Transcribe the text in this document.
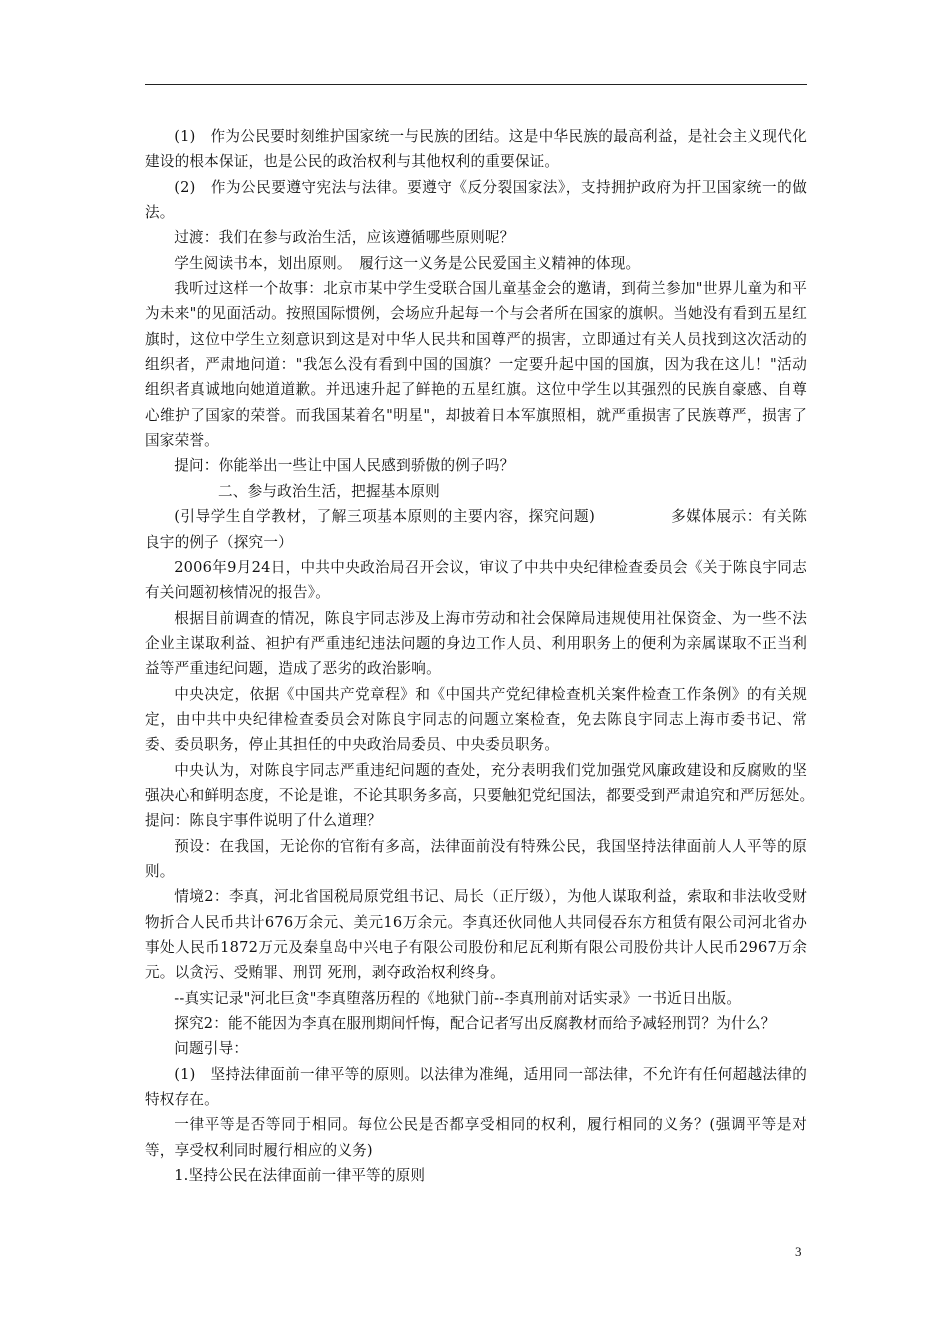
(1)　作为公民要时刻维护国家统一与民族的团结。这是中华民族的最高利益，是社会主义现代化建设的根本保证，也是公民的政治权利与其他权利的重要保证。

(2)　作为公民要遵守宪法与法律。要遵守《反分裂国家法》，支持拥护政府为扞卫国家统一的做法。

过渡：我们在参与政治生活，应该遵循哪些原则呢？

学生阅读书本，划出原则。　履行这一义务是公民爱国主义精神的体现。

我听过这样一个故事：北京市某中学生受联合国儿童基金会的邀请，到荷兰参加"世界儿童为和平为未来"的见面活动。按照国际惯例，会场应升起每一个与会者所在国家的旗帜。当她没有看到五星红旗时，这位中学生立刻意识到这是对中华人民共和国尊严的损害，立即通过有关人员找到这次活动的组织者，严肃地问道："我怎么没有看到中国的国旗？一定要升起中国的国旗，因为我在这儿！"活动组织者真诚地向她道道歉。并迅速升起了鲜艳的五星红旗。这位中学生以其强烈的民族自豪感、自尊心维护了国家的荣誉。而我国某着名"明星"，却披着日本军旗照相，就严重损害了民族尊严，损害了国家荣誉。

提问：你能举出一些让中国人民感到骄傲的例子吗？

二、参与政治生活，把握基本原则

(引导学生自学教材，了解三项基本原则的主要内容，探究问题)　　　　　多媒体展示：有关陈良宇的例子（探究一）

2006年9月24日，中共中央政治局召开会议，审议了中共中央纪律检查委员会《关于陈良宇同志有关问题初核情况的报告》。

根据目前调查的情况，陈良宇同志涉及上海市劳动和社会保障局违规使用社保资金、为一些不法企业主谋取利益、袒护有严重违纪违法问题的身边工作人员、利用职务上的便利为亲属谋取不正当利益等严重违纪问题，造成了恶劣的政治影响。

中央决定，依据《中国共产党章程》和《中国共产党纪律检查机关案件检查工作条例》的有关规定，由中共中央纪律检查委员会对陈良宇同志的问题立案检查，免去陈良宇同志上海市委书记、常委、委员职务，停止其担任的中央政治局委员、中央委员职务。

中央认为，对陈良宇同志严重违纪问题的查处，充分表明我们党加强党风廉政建设和反腐败的坚强决心和鲜明态度，不论是谁，不论其职务多高，只要触犯党纪国法，都要受到严肃追究和严厉惩处。　　提问：陈良宇事件说明了什么道理？

预设：在我国，无论你的官衔有多高，法律面前没有特殊公民，我国坚持法律面前人人平等的原则。

情境2：李真，河北省国税局原党组书记、局长（正厅级），为他人谋取利益，索取和非法收受财物折合人民币共计676万余元、美元16万余元。李真还伙同他人共同侵吞东方租赁有限公司河北省办事处人民币1872万元及秦皇岛中兴电子有限公司股份和尼瓦利斯有限公司股份共计人民币2967万余元。以贪污、受贿罪、刑罚 死刑，剥夺政治权利终身。

--真实记录"河北巨贪"李真堕落历程的《地狱门前--李真刑前对话实录》一书近日出版。

探究2：能不能因为李真在服刑期间忏悔，配合记者写出反腐教材而给予减轻刑罚？为什么？

问题引导：

(1)　坚持法律面前一律平等的原则。以法律为准绳，适用同一部法律，不允许有任何超越法律的特权存在。

一律平等是否等同于相同。每位公民是否都享受相同的权利，履行相同的义务？(强调平等是对等，享受权利同时履行相应的义务)

1.坚持公民在法律面前一律平等的原则

3
